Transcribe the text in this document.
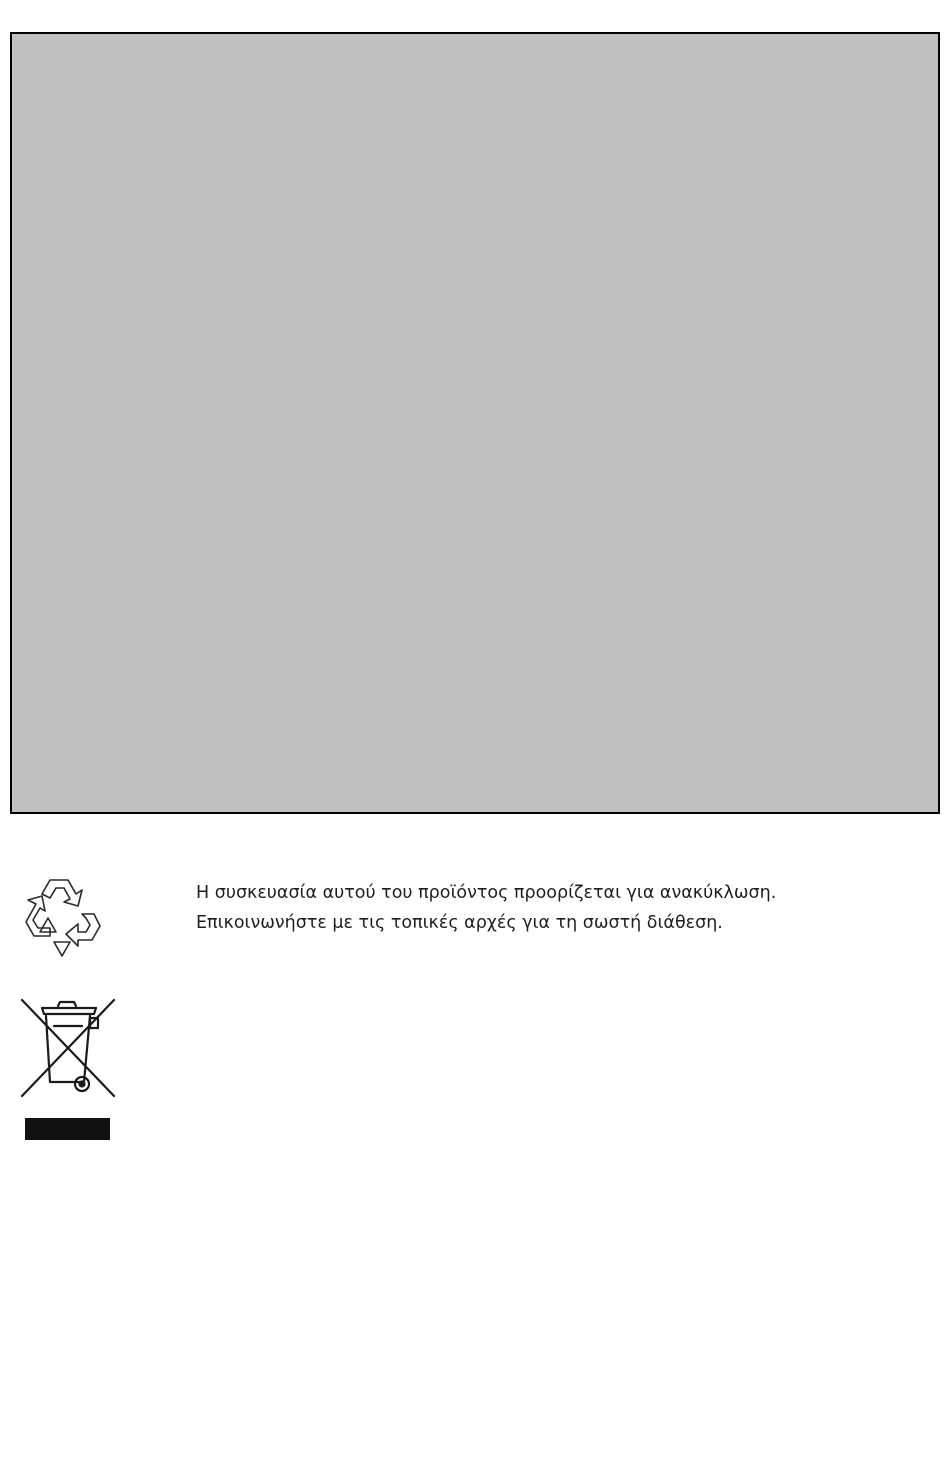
Η συσκευασία αυτού του προϊόντος προορίζεται για ανακύκλωση.
Επικοινωνήστε με τις τοπικές αρχές για τη σωστή διάθεση.
